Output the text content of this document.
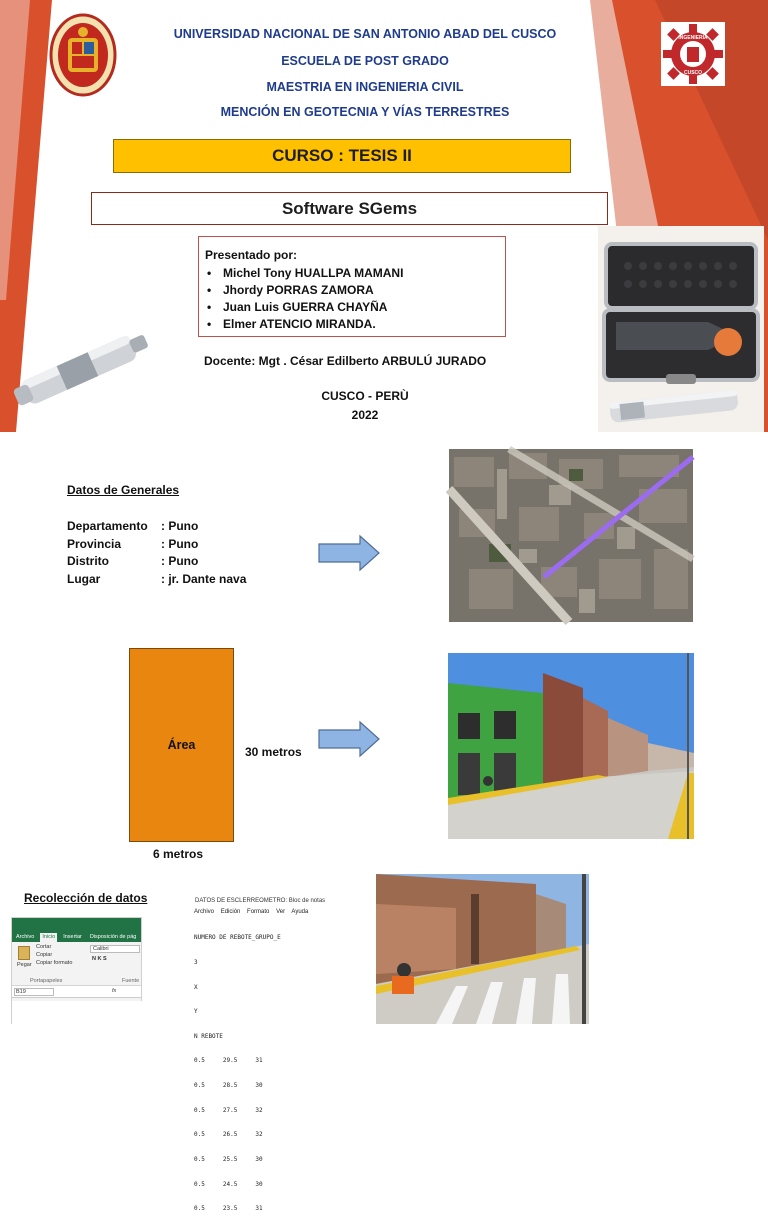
INGENIERIA
CUSCO
UNIVERSIDAD NACIONAL DE SAN ANTONIO ABAD DEL CUSCO
ESCUELA DE POST GRADO
MAESTRIA EN INGENIERIA CIVIL
MENCIÓN EN GEOTECNIA Y VÍAS TERRESTRES
CURSO : TESIS II
Software SGems
Presentado por:
• Michel Tony HUALLPA MAMANI
• Jhordy PORRAS ZAMORA
• Juan Luis GUERRA CHAYÑA
• Elmer ATENCIO MIRANDA.
Docente: Mgt . César Edilberto ARBULÚ JURADO
CUSCO - PERÙ
2022
Datos de Generales
Departamento : Puno
Provincia	: Puno
Distrito	: Puno
Lugar	: jr. Dante nava
Área	30 metros
6 metros
Recolección de datos
Archivo	Inicio	Insertar	Disposición de pág
Pegar
Cortar
Copiar
Copiar formato
Portapapeles
Calibri
N K S
Fuente
B19	fx
DATOS DE ESCLERREOMETRO: Bloc de notas
Archivo Edición Formato Ver Ayuda

NUMERO DE REBOTE_GRUPO_E

3

X

Y

N REBOTE

0.5     29.5     31

0.5     28.5     30

0.5     27.5     32

0.5     26.5     32

0.5     25.5     30

0.5     24.5     30

0.5     23.5     31
